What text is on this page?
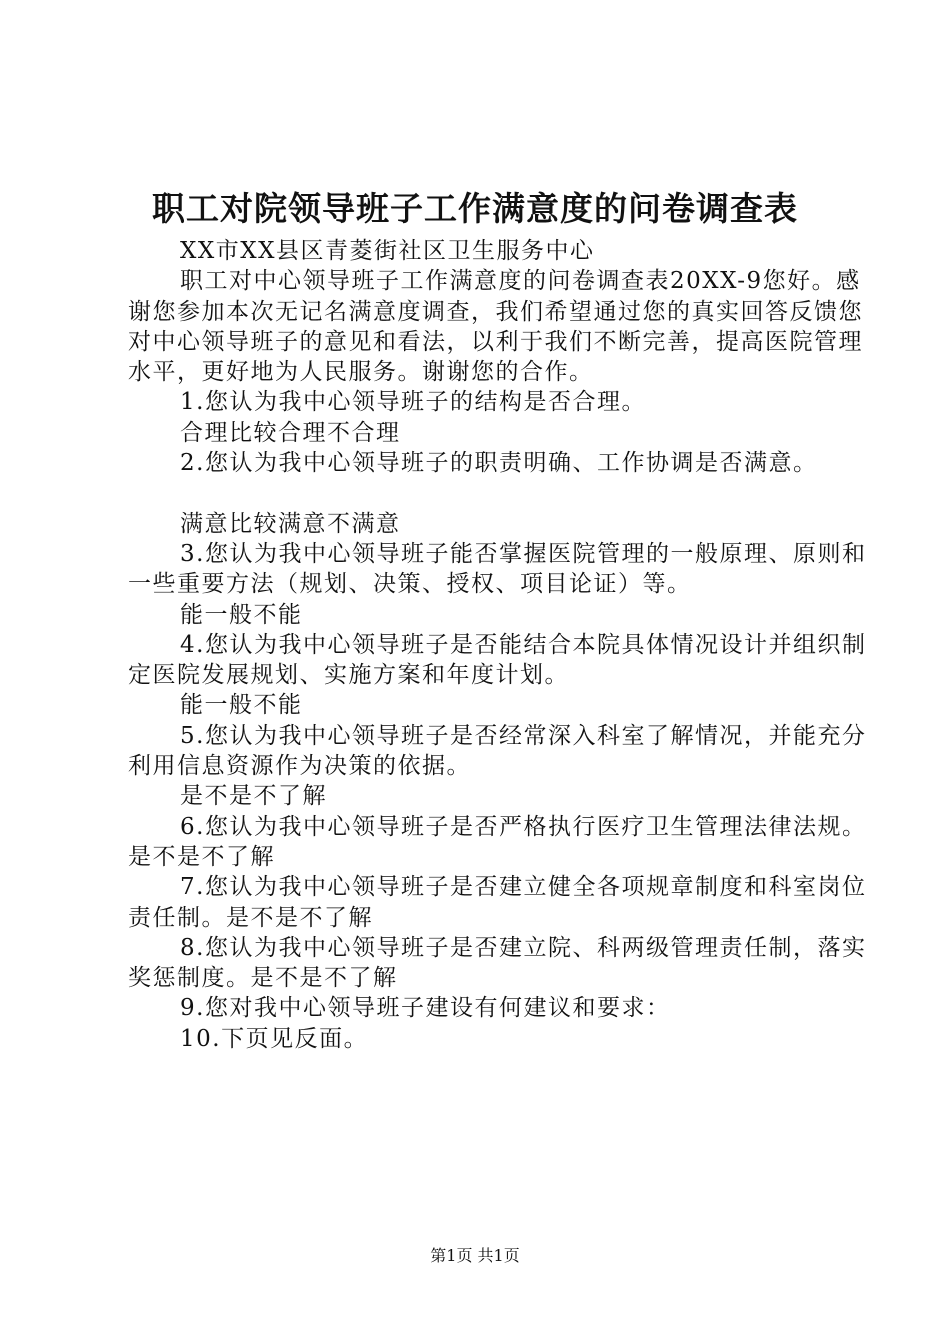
职工对院领导班子工作满意度的问卷调查表

XX市XX县区青菱街社区卫生服务中心

职工对中心领导班子工作满意度的问卷调查表20XX-9您好。感谢您参加本次无记名满意度调查，我们希望通过您的真实回答反馈您对中心领导班子的意见和看法，以利于我们不断完善，提高医院管理水平，更好地为人民服务。谢谢您的合作。

1.您认为我中心领导班子的结构是否合理。

合理比较合理不合理

2.您认为我中心领导班子的职责明确、工作协调是否满意。

满意比较满意不满意

3.您认为我中心领导班子能否掌握医院管理的一般原理、原则和一些重要方法（规划、决策、授权、项目论证）等。

能一般不能

4.您认为我中心领导班子是否能结合本院具体情况设计并组织制定医院发展规划、实施方案和年度计划。

能一般不能

5.您认为我中心领导班子是否经常深入科室了解情况，并能充分利用信息资源作为决策的依据。

是不是不了解

6.您认为我中心领导班子是否严格执行医疗卫生管理法律法规。是不是不了解

7.您认为我中心领导班子是否建立健全各项规章制度和科室岗位责任制。是不是不了解

8.您认为我中心领导班子是否建立院、科两级管理责任制，落实奖惩制度。是不是不了解

9.您对我中心领导班子建设有何建议和要求：

10.下页见反面。

第1页 共1页
